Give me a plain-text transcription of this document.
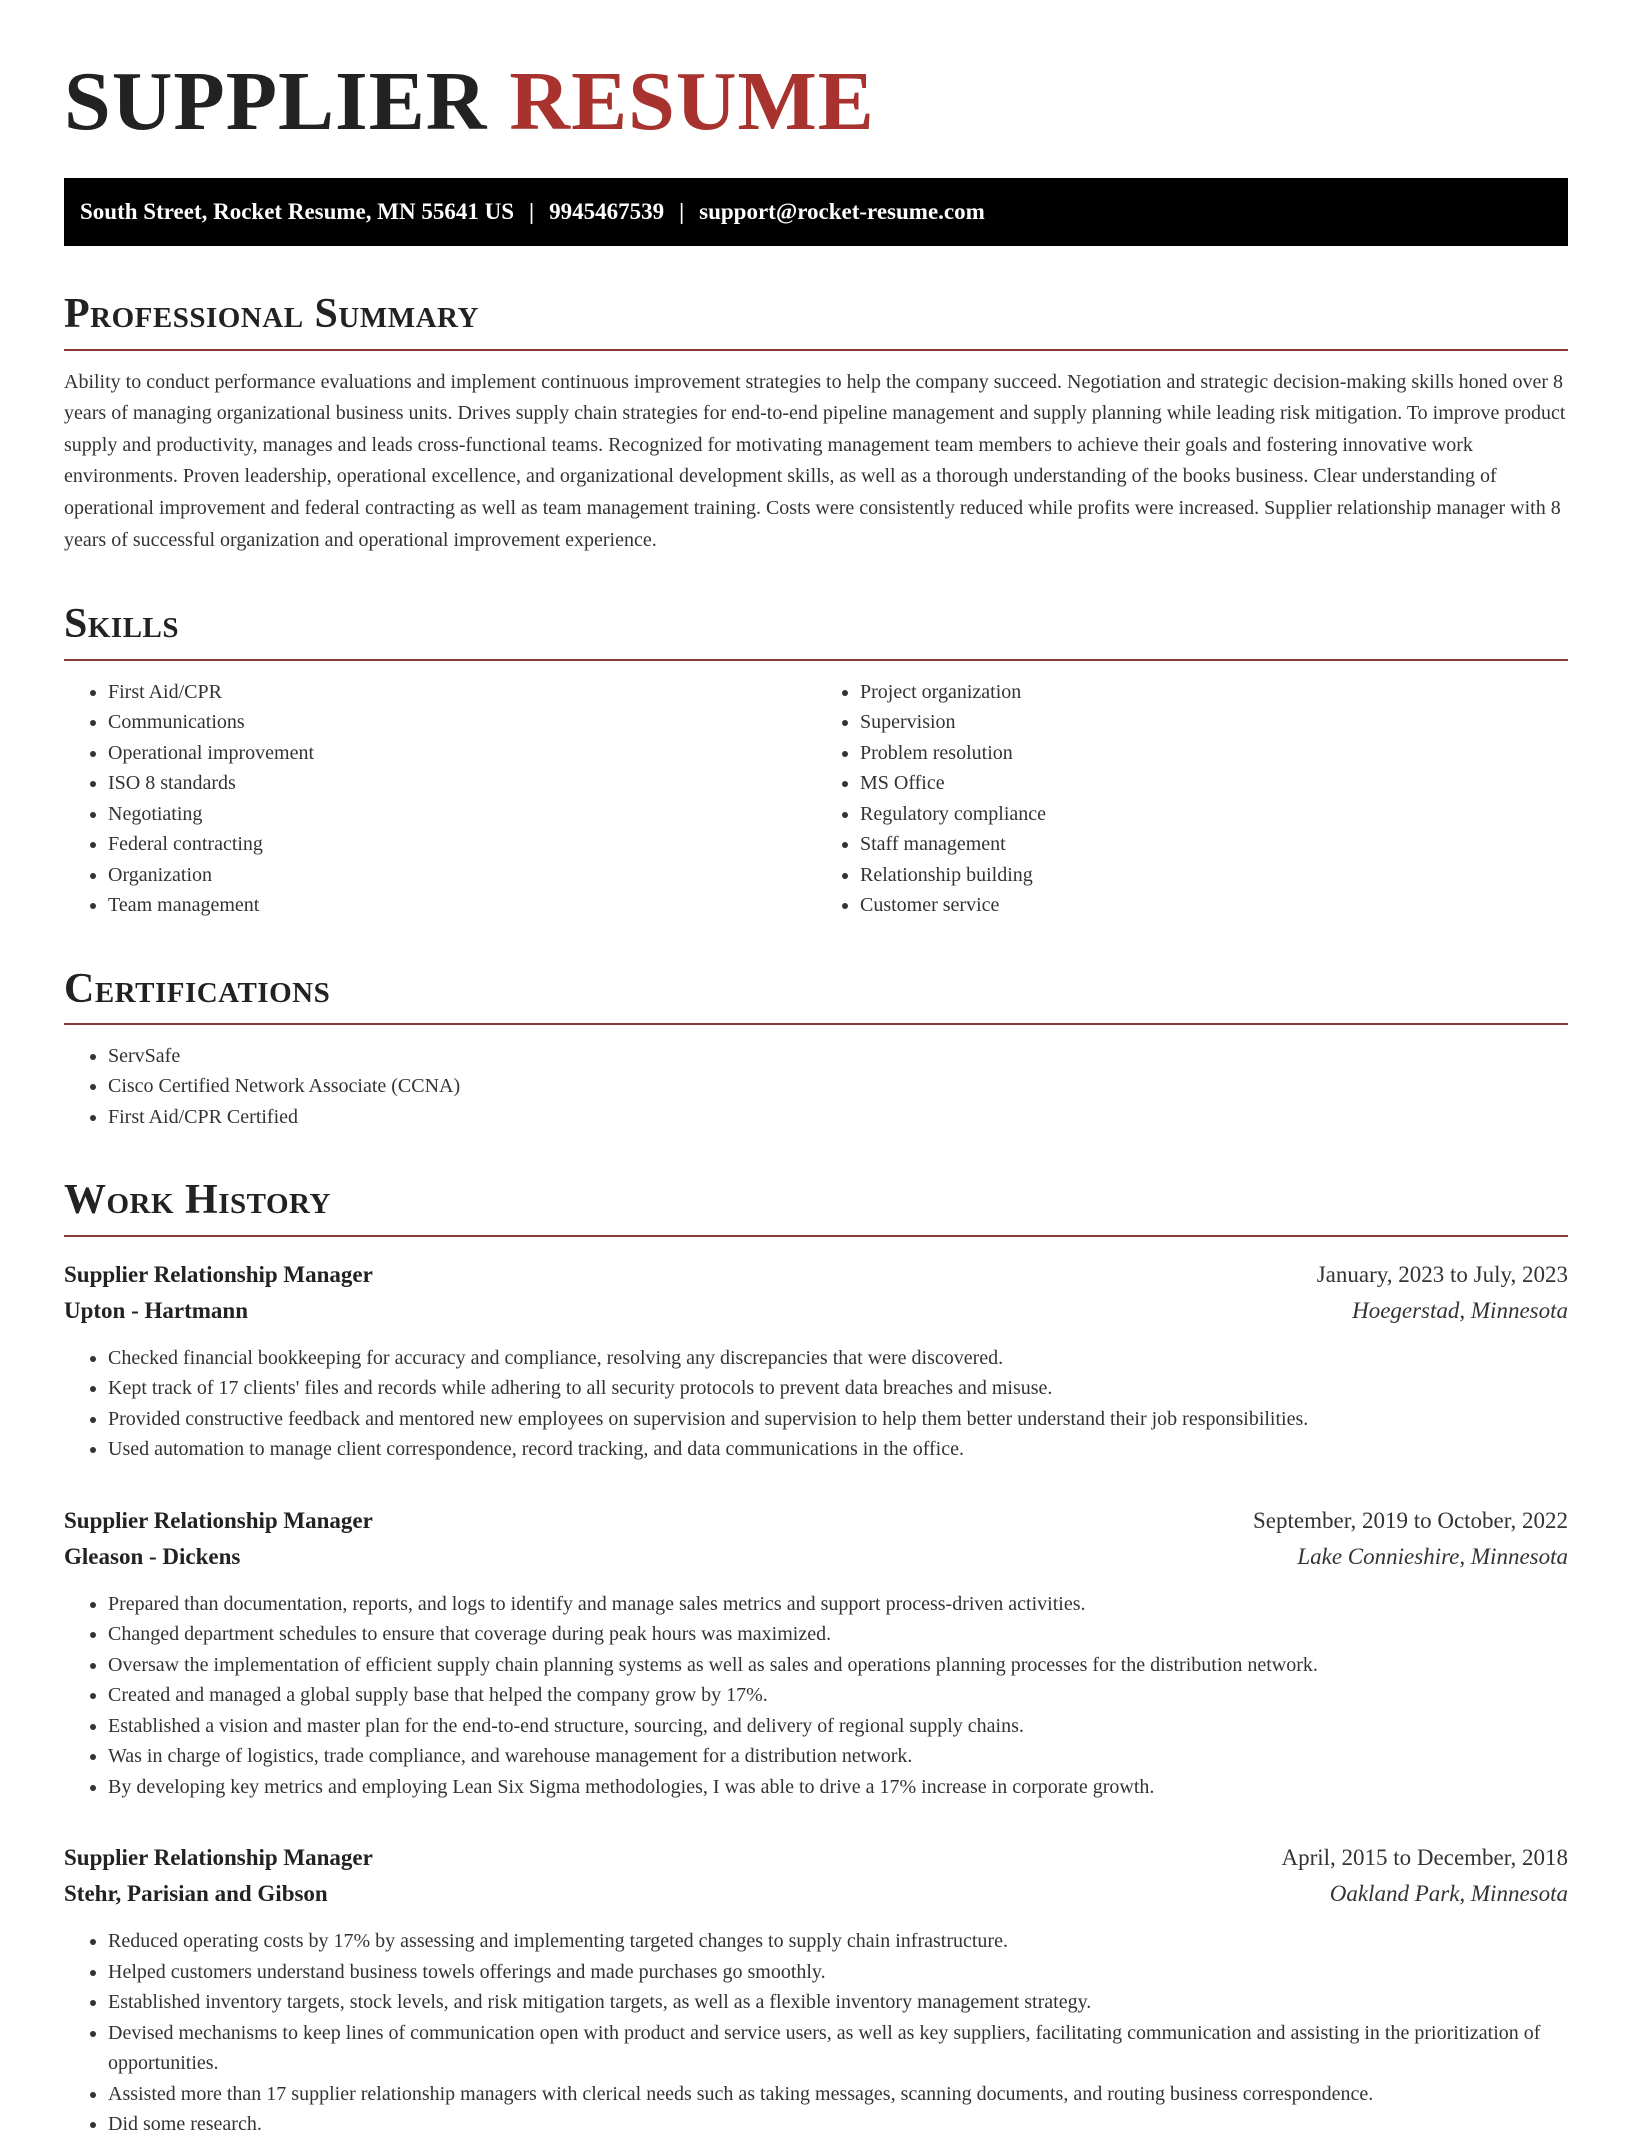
SUPPLIER RESUME
South Street, Rocket Resume, MN 55641 US | 9945467539 | support@rocket-resume.com
Professional Summary

Ability to conduct performance evaluations and implement continuous improvement strategies to help the company succeed. Negotiation and strategic decision-making skills honed over 8 years of managing organizational business units. Drives supply chain strategies for end-to-end pipeline management and supply planning while leading risk mitigation. To improve product supply and productivity, manages and leads cross-functional teams. Recognized for motivating management team members to achieve their goals and fostering innovative work environments. Proven leadership, operational excellence, and organizational development skills, as well as a thorough understanding of the books business. Clear understanding of operational improvement and federal contracting as well as team management training. Costs were consistently reduced while profits were increased. Supplier relationship manager with 8 years of successful organization and operational improvement experience.

Skills
• First Aid/CPR
• Communications
• Operational improvement
• ISO 8 standards
• Negotiating
• Federal contracting
• Organization
• Team management
• Project organization
• Supervision
• Problem resolution
• MS Office
• Regulatory compliance
• Staff management
• Relationship building
• Customer service
Certifications
• ServSafe
• Cisco Certified Network Associate (CCNA)
• First Aid/CPR Certified
Work History
Supplier Relationship Manager	January, 2023 to July, 2023
Upton - Hartmann	Hoegerstad, Minnesota
• Checked financial bookkeeping for accuracy and compliance, resolving any discrepancies that were discovered.
• Kept track of 17 clients' files and records while adhering to all security protocols to prevent data breaches and misuse.
• Provided constructive feedback and mentored new employees on supervision and supervision to help them better understand their job responsibilities.
• Used automation to manage client correspondence, record tracking, and data communications in the office.
Supplier Relationship Manager	September, 2019 to October, 2022
Gleason - Dickens	Lake Connieshire, Minnesota
• Prepared than documentation, reports, and logs to identify and manage sales metrics and support process-driven activities.
• Changed department schedules to ensure that coverage during peak hours was maximized.
• Oversaw the implementation of efficient supply chain planning systems as well as sales and operations planning processes for the distribution network.
• Created and managed a global supply base that helped the company grow by 17%.
• Established a vision and master plan for the end-to-end structure, sourcing, and delivery of regional supply chains.
• Was in charge of logistics, trade compliance, and warehouse management for a distribution network.
• By developing key metrics and employing Lean Six Sigma methodologies, I was able to drive a 17% increase in corporate growth.
Supplier Relationship Manager	April, 2015 to December, 2018
Stehr, Parisian and Gibson	Oakland Park, Minnesota
• Reduced operating costs by 17% by assessing and implementing targeted changes to supply chain infrastructure.
• Helped customers understand business towels offerings and made purchases go smoothly.
• Established inventory targets, stock levels, and risk mitigation targets, as well as a flexible inventory management strategy.
• Devised mechanisms to keep lines of communication open with product and service users, as well as key suppliers, facilitating communication and assisting in the prioritization of opportunities.
• Assisted more than 17 supplier relationship managers with clerical needs such as taking messages, scanning documents, and routing business correspondence.
• Did some research.
